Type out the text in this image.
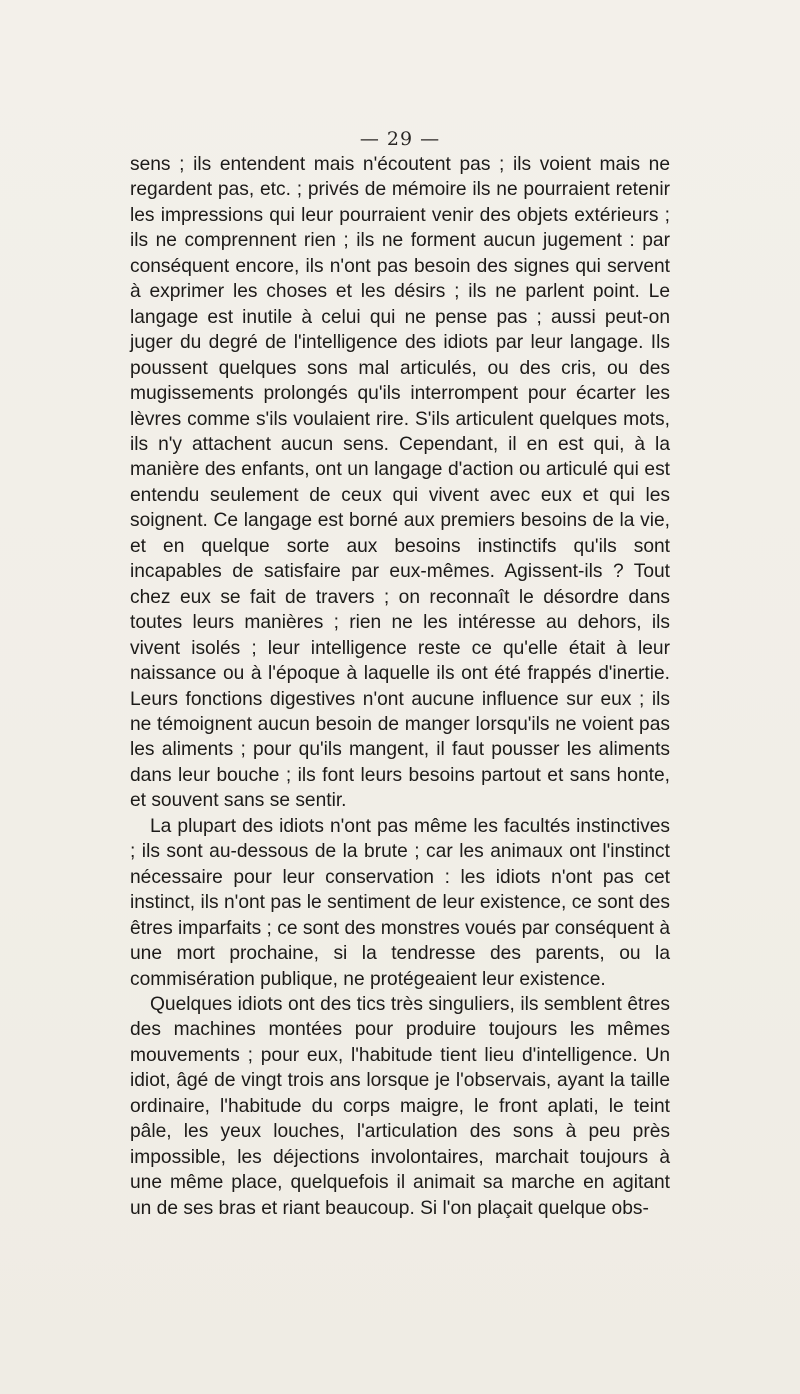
— 29 —

sens ; ils entendent mais n'écoutent pas ; ils voient mais ne regardent pas, etc. ; privés de mémoire ils ne pourraient retenir les impressions qui leur pourraient venir des objets extérieurs ; ils ne comprennent rien ; ils ne forment aucun jugement : par conséquent encore, ils n'ont pas besoin des signes qui servent à exprimer les choses et les désirs ; ils ne parlent point. Le langage est inutile à celui qui ne pense pas ; aussi peut-on juger du degré de l'intelligence des idiots par leur langage. Ils poussent quelques sons mal articulés, ou des cris, ou des mugissements prolongés qu'ils interrompent pour écarter les lèvres comme s'ils voulaient rire. S'ils articulent quelques mots, ils n'y attachent aucun sens. Cependant, il en est qui, à la manière des enfants, ont un langage d'action ou articulé qui est entendu seulement de ceux qui vivent avec eux et qui les soignent. Ce langage est borné aux premiers besoins de la vie, et en quelque sorte aux besoins instinctifs qu'ils sont incapables de satisfaire par eux-mêmes. Agissent-ils ? Tout chez eux se fait de travers ; on reconnaît le désordre dans toutes leurs manières ; rien ne les intéresse au dehors, ils vivent isolés ; leur intelligence reste ce qu'elle était à leur naissance ou à l'époque à laquelle ils ont été frappés d'inertie. Leurs fonctions digestives n'ont aucune influence sur eux ; ils ne témoignent aucun besoin de manger lorsqu'ils ne voient pas les aliments ; pour qu'ils mangent, il faut pousser les aliments dans leur bouche ; ils font leurs besoins partout et sans honte, et souvent sans se sentir.

La plupart des idiots n'ont pas même les facultés instinctives ; ils sont au-dessous de la brute ; car les animaux ont l'instinct nécessaire pour leur conservation : les idiots n'ont pas cet instinct, ils n'ont pas le sentiment de leur existence, ce sont des êtres imparfaits ; ce sont des monstres voués par conséquent à une mort prochaine, si la tendresse des parents, ou la commisération publique, ne protégeaient leur existence.

Quelques idiots ont des tics très singuliers, ils semblent êtres des machines montées pour produire toujours les mêmes mouvements ; pour eux, l'habitude tient lieu d'intelligence. Un idiot, âgé de vingt trois ans lorsque je l'observais, ayant la taille ordinaire, l'habitude du corps maigre, le front aplati, le teint pâle, les yeux louches, l'articulation des sons à peu près impossible, les déjections involontaires, marchait toujours à une même place, quelquefois il animait sa marche en agitant un de ses bras et riant beaucoup. Si l'on plaçait quelque obs-
